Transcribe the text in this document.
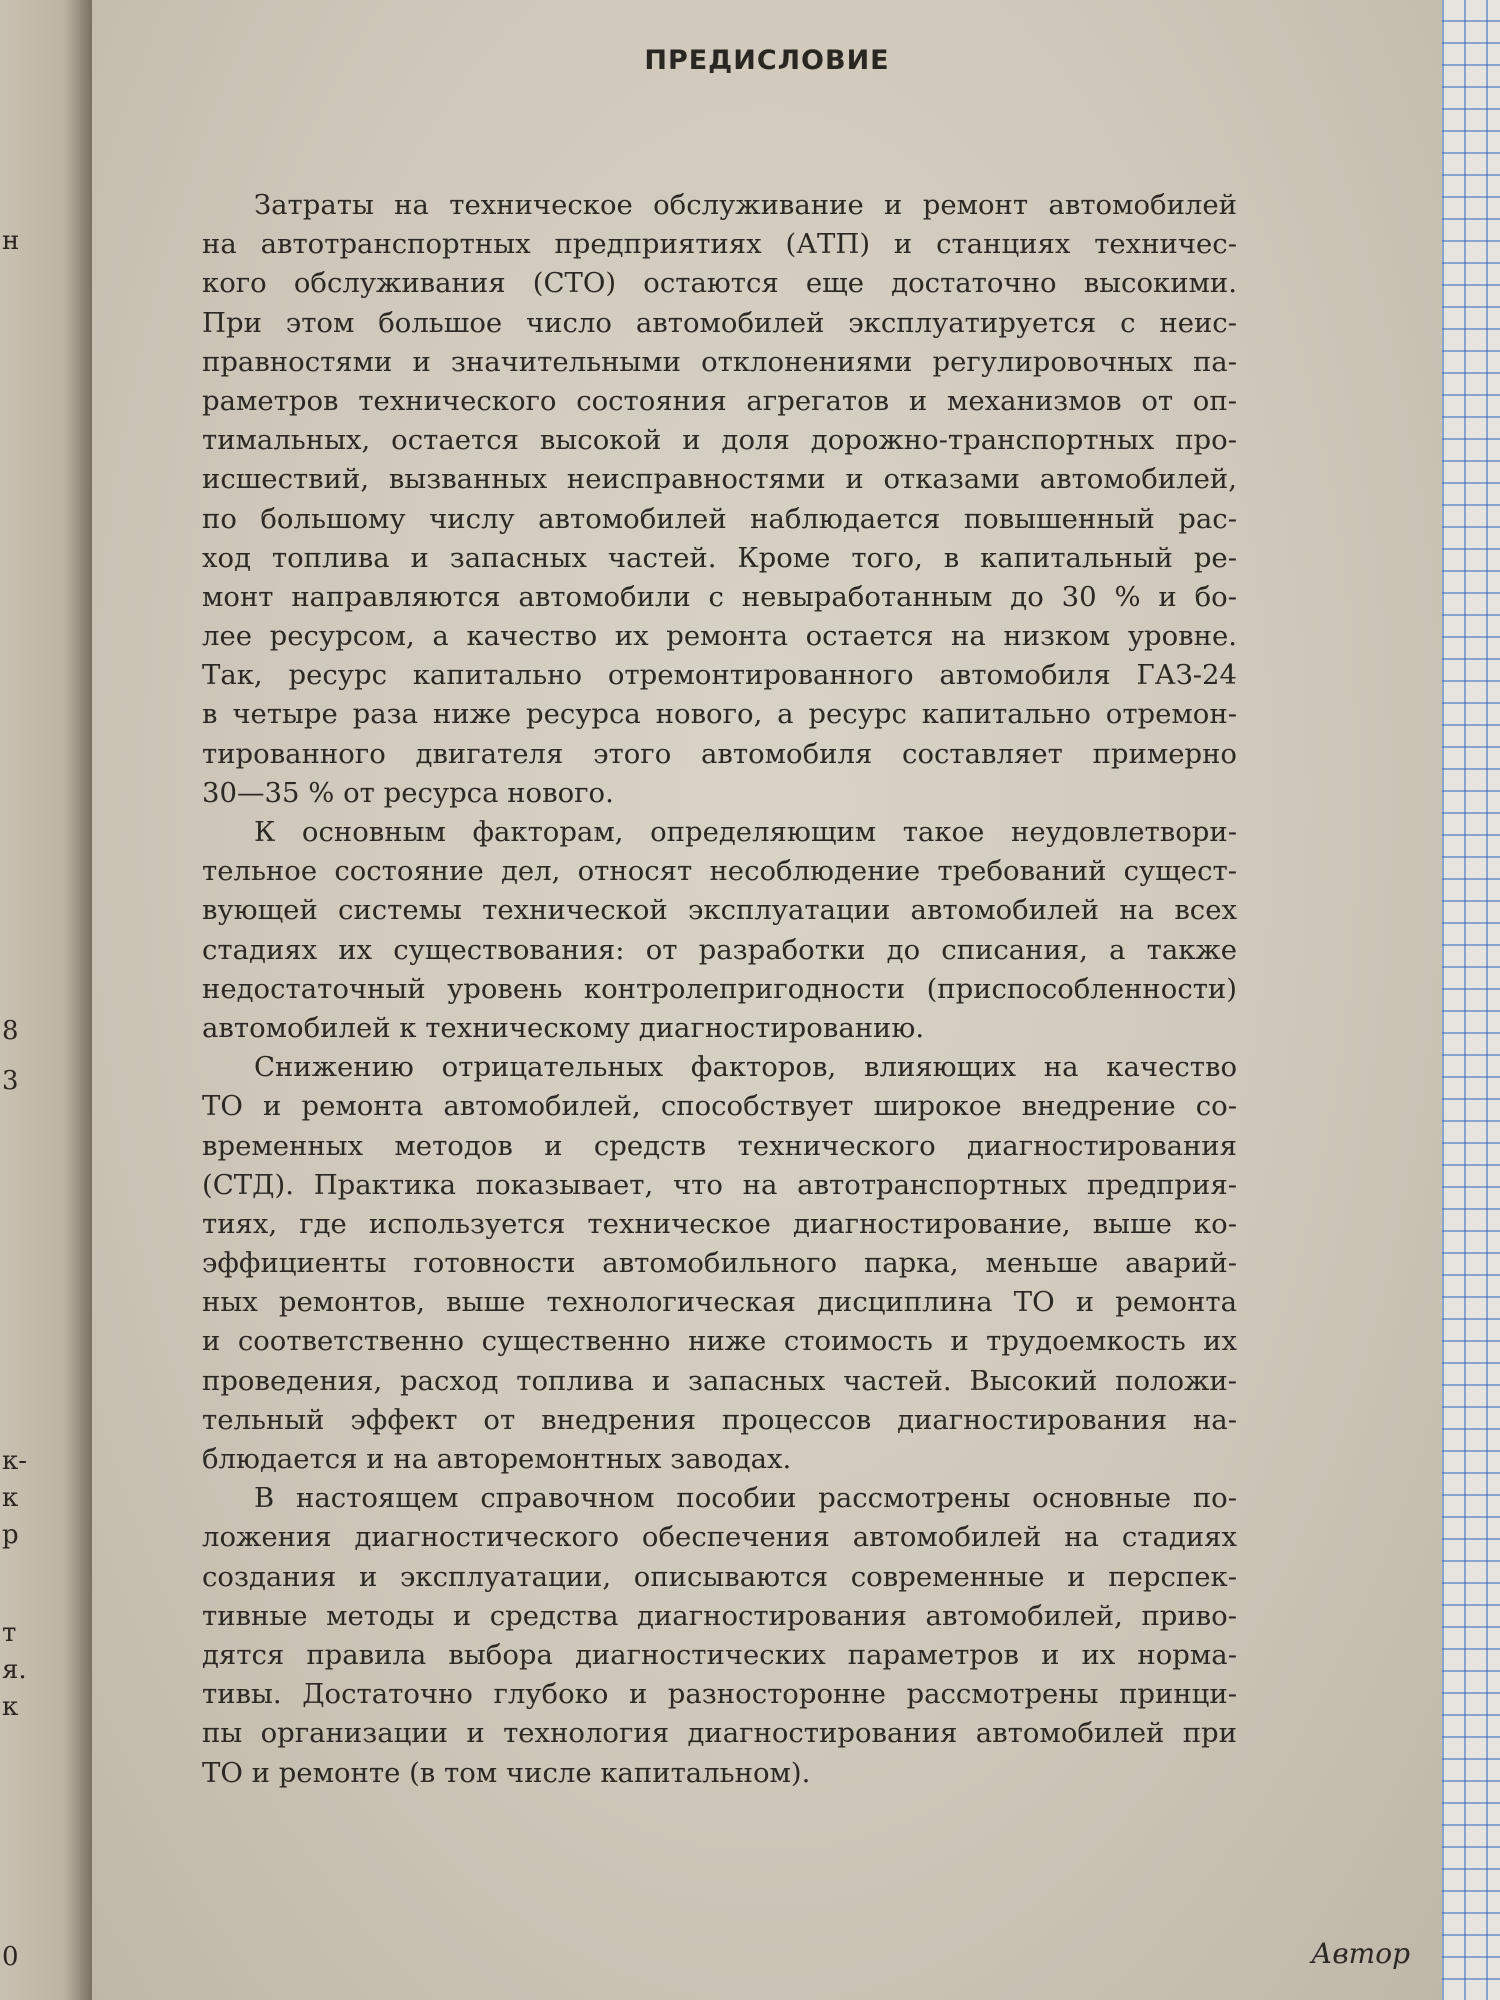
н
8
3
к-
к
р
т
я.
к
0
ПРЕДИСЛОВИЕ
Затраты на техническое обслуживание и ремонт автомобилей
на автотранспортных предприятиях (АТП) и станциях техничес-
кого обслуживания (СТО) остаются еще достаточно высокими.
При этом большое число автомобилей эксплуатируется с неис-
правностями и значительными отклонениями регулировочных па-
раметров технического состояния агрегатов и механизмов от оп-
тимальных, остается высокой и доля дорожно-транспортных про-
исшествий, вызванных неисправностями и отказами автомобилей,
по большому числу автомобилей наблюдается повышенный рас-
ход топлива и запасных частей. Кроме того, в капитальный ре-
монт направляются автомобили с невыработанным до 30 % и бо-
лее ресурсом, а качество их ремонта остается на низком уровне.
Так, ресурс капитально отремонтированного автомобиля ГАЗ-24
в четыре раза ниже ресурса нового, а ресурс капитально отремон-
тированного двигателя этого автомобиля составляет примерно
30—35 % от ресурса нового.
К основным факторам, определяющим такое неудовлетвори-
тельное состояние дел, относят несоблюдение требований сущест-
вующей системы технической эксплуатации автомобилей на всех
стадиях их существования: от разработки до списания, а также
недостаточный уровень контролепригодности (приспособленности)
автомобилей к техническому диагностированию.
Снижению отрицательных факторов, влияющих на качество
ТО и ремонта автомобилей, способствует широкое внедрение со-
временных методов и средств технического диагностирования
(СТД). Практика показывает, что на автотранспортных предприя-
тиях, где используется техническое диагностирование, выше ко-
эффициенты готовности автомобильного парка, меньше аварий-
ных ремонтов, выше технологическая дисциплина ТО и ремонта
и соответственно существенно ниже стоимость и трудоемкость их
проведения, расход топлива и запасных частей. Высокий положи-
тельный эффект от внедрения процессов диагностирования на-
блюдается и на авторемонтных заводах.
В настоящем справочном пособии рассмотрены основные по-
ложения диагностического обеспечения автомобилей на стадиях
создания и эксплуатации, описываются современные и перспек-
тивные методы и средства диагностирования автомобилей, приво-
дятся правила выбора диагностических параметров и их норма-
тивы. Достаточно глубоко и разносторонне рассмотрены принци-
пы организации и технология диагностирования автомобилей при
ТО и ремонте (в том числе капитальном).
Автор
